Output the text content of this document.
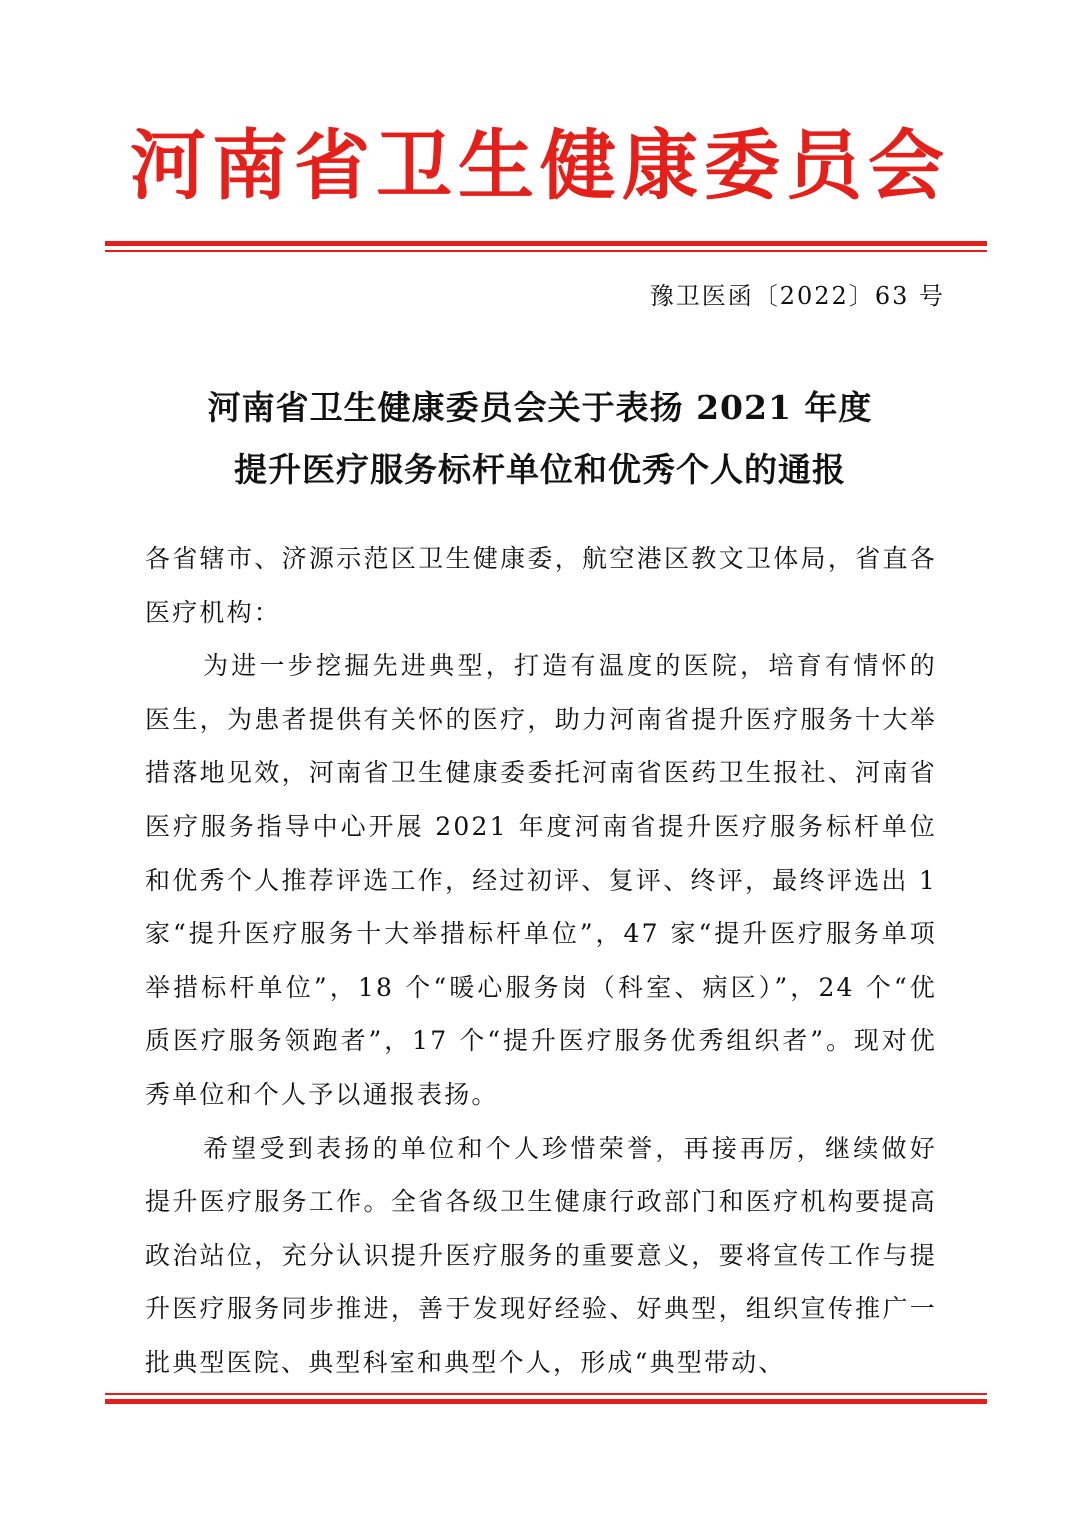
河南省卫生健康委员会
豫卫医函〔2022〕63 号
河南省卫生健康委员会关于表扬 2021 年度
提升医疗服务标杆单位和优秀个人的通报

各省辖市、济源示范区卫生健康委，航空港区教文卫体局，省直各医疗机构：

为进一步挖掘先进典型，打造有温度的医院，培育有情怀的医生，为患者提供有关怀的医疗，助力河南省提升医疗服务十大举措落地见效，河南省卫生健康委委托河南省医药卫生报社、河南省医疗服务指导中心开展 2021 年度河南省提升医疗服务标杆单位和优秀个人推荐评选工作，经过初评、复评、终评，最终评选出 1 家“提升医疗服务十大举措标杆单位”，47 家“提升医疗服务单项举措标杆单位”，18 个“暖心服务岗（科室、病区）”，24 个“优质医疗服务领跑者”，17 个“提升医疗服务优秀组织者”。现对优秀单位和个人予以通报表扬。

希望受到表扬的单位和个人珍惜荣誉，再接再厉，继续做好提升医疗服务工作。全省各级卫生健康行政部门和医疗机构要提高政治站位，充分认识提升医疗服务的重要意义，要将宣传工作与提升医疗服务同步推进，善于发现好经验、好典型，组织宣传推广一批典型医院、典型科室和典型个人，形成“典型带动、
